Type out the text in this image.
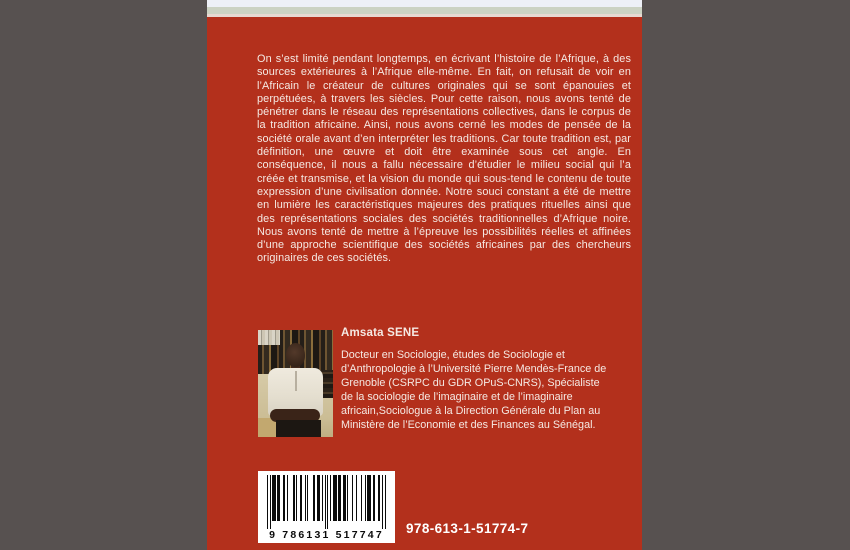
On s’est limité pendant longtemps, en écrivant l’histoire de l’Afrique, à des sources extérieures à l’Afrique elle-même. En fait, on refusait de voir en l’Africain le créateur de cultures originales qui se sont épanouies et perpétuées, à travers les siècles. Pour cette raison, nous avons tenté de pénétrer dans le réseau des représentations collectives, dans le corpus de la tradition africaine. Ainsi, nous avons cerné les modes de pensée de la société orale avant d’en interpréter les traditions. Car toute tradition est, par définition, une œuvre et doit être examinée sous cet angle. En conséquence, il nous a fallu nécessaire d’étudier le milieu social qui l’a créée et transmise, et la vision du monde qui sous-tend le contenu de toute expression d’une civilisation donnée. Notre souci constant a été de mettre en lumière les caractéristiques majeures des pratiques rituelles ainsi que des représentations sociales des sociétés traditionnelles d’Afrique noire. Nous avons tenté de mettre à l’épreuve les possibilités réelles et affinées d’une approche scientifique des sociétés africaines par des chercheurs originaires de ces sociétés.
Amsata SENE
Docteur en Sociologie, études de Sociologie et d’Anthropologie à l’Université Pierre Mendès-France de Grenoble (CSRPC du GDR OPuS-CNRS), Spécialiste de la sociologie de l’imaginaire et de l’imaginaire africain,Sociologue à la Direction Générale du Plan au Ministère de l’Economie et des Finances au Sénégal.
9 786131 517747	978-613-1-51774-7
